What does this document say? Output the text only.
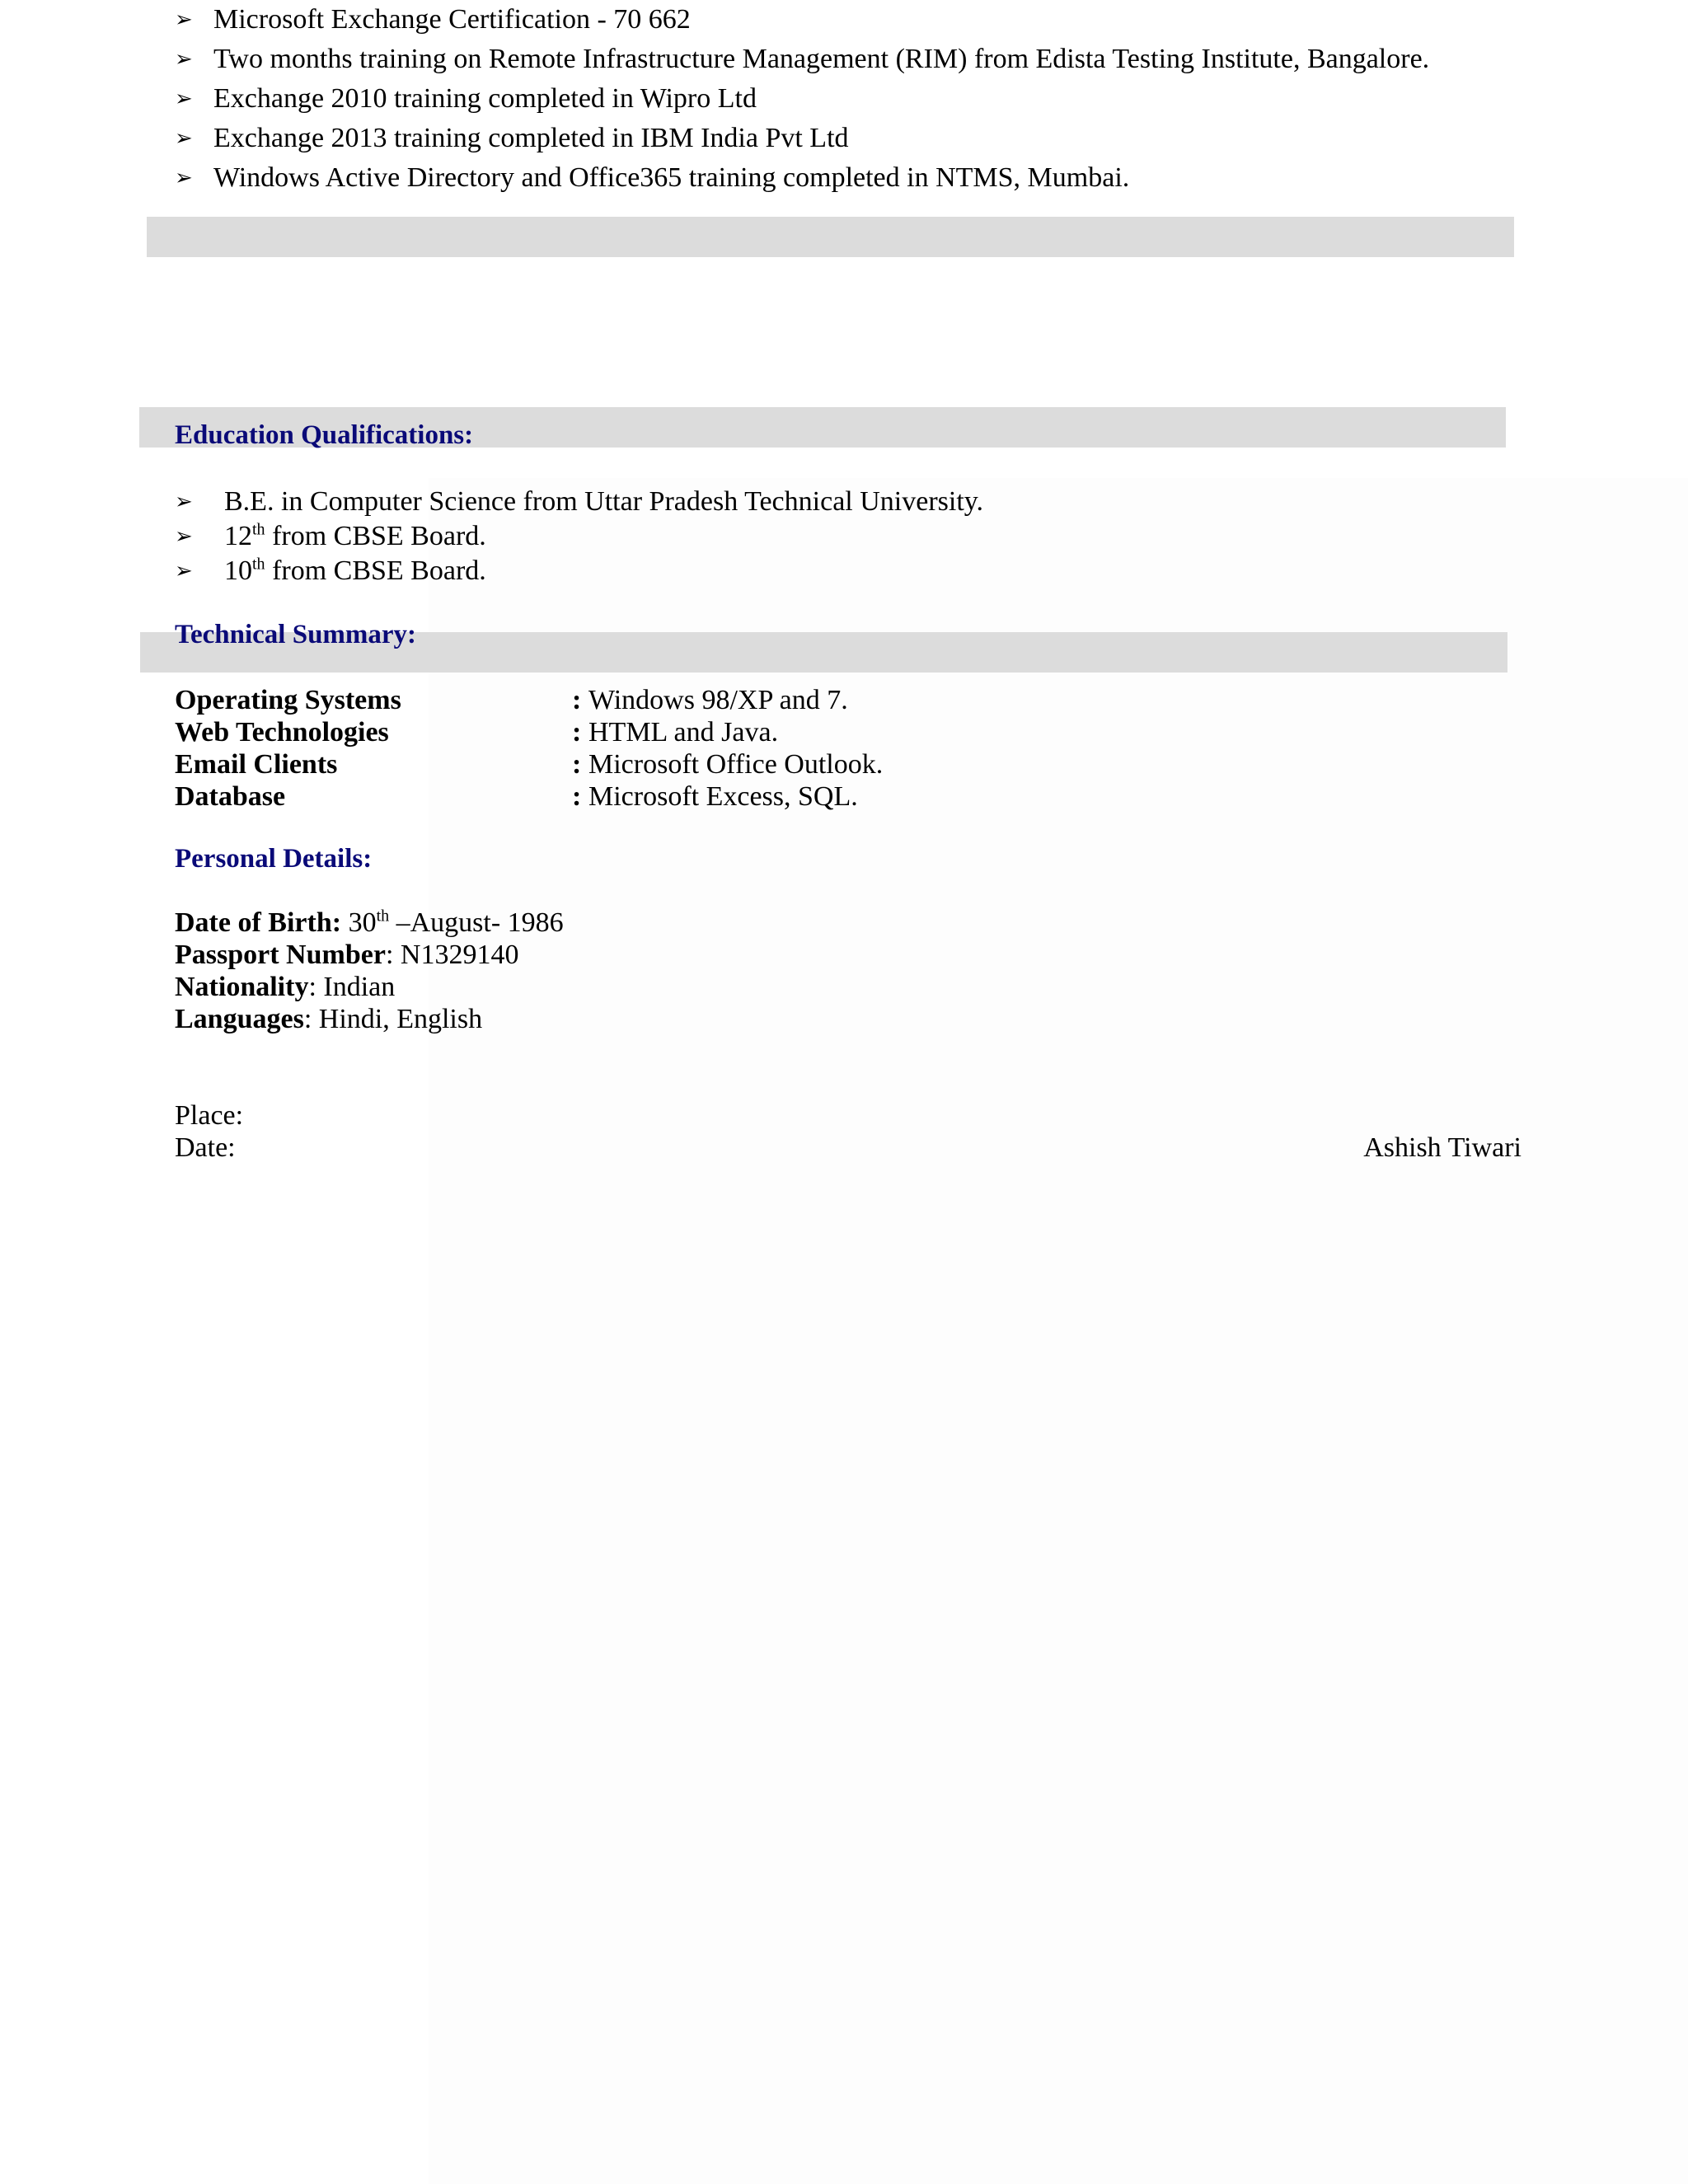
➢ Microsoft Exchange Certification - 70 662
➢ Two months training on Remote Infrastructure Management (RIM) from Edista Testing Institute, Bangalore.
➢ Exchange 2010 training completed in Wipro Ltd
➢ Exchange 2013 training completed in IBM India Pvt Ltd
➢ Windows Active Directory and Office365 training completed in NTMS, Mumbai.
Education Qualifications:
➢ B.E. in Computer Science from Uttar Pradesh Technical University.
➢ 12th from CBSE Board.
➢ 10th from CBSE Board.
Technical Summary:
Operating Systems	: Windows 98/XP and 7.
Web Technologies	: HTML and Java.
Email Clients	: Microsoft Office Outlook.
Database	: Microsoft Excess, SQL.
Personal Details:
Date of Birth: 30th –August- 1986
Passport Number: N1329140
Nationality: Indian
Languages: Hindi, English
Place:
Date:	Ashish Tiwari
